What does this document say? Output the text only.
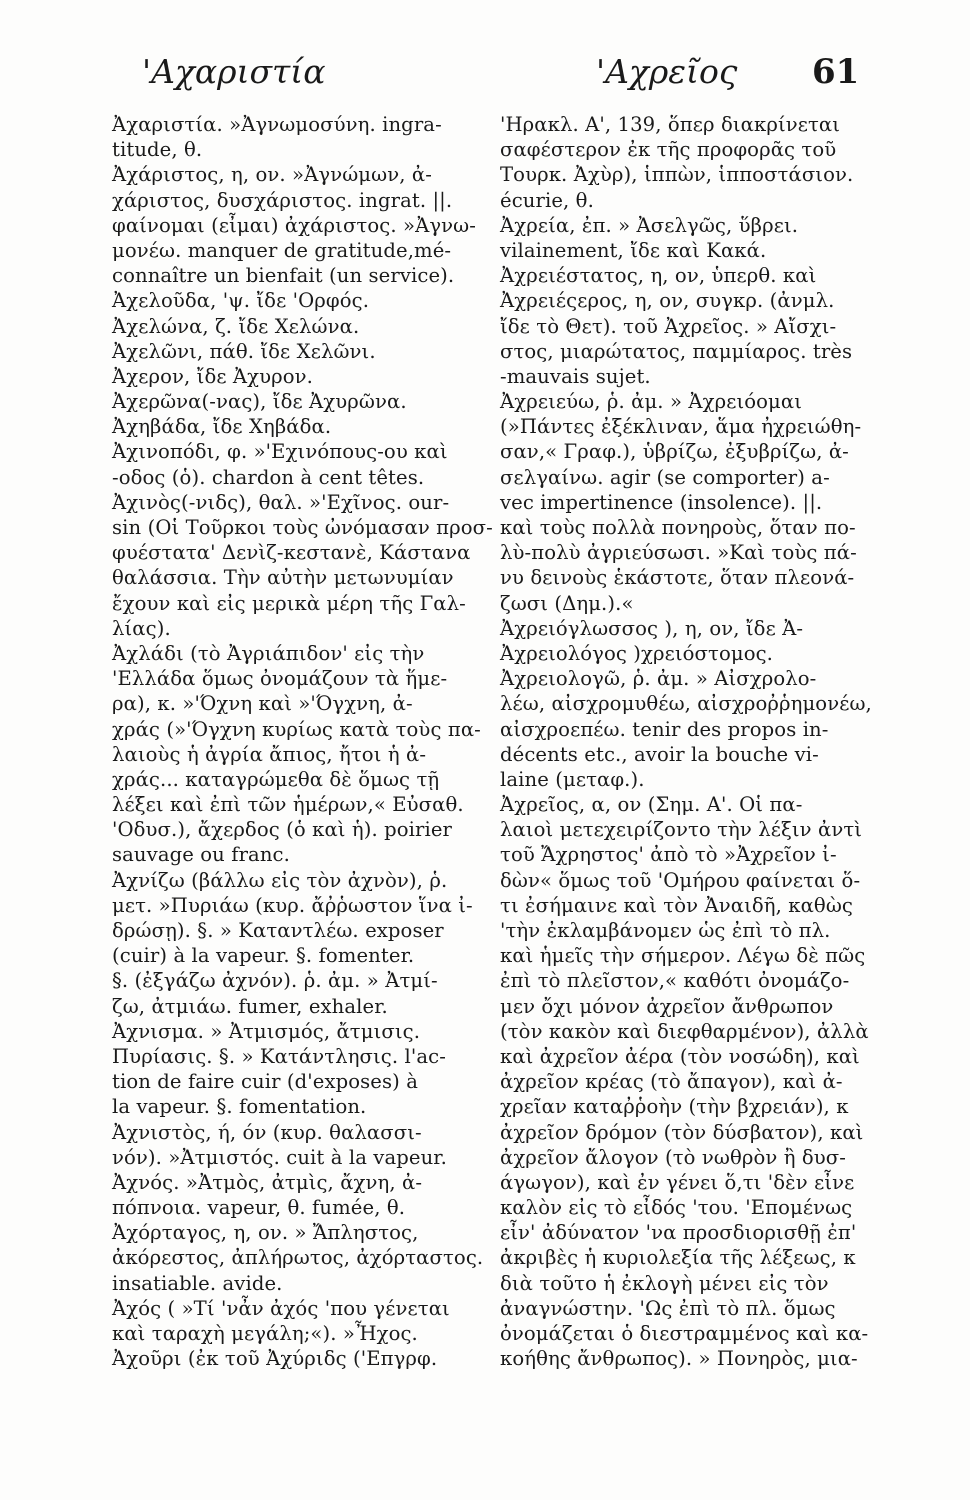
'Αχαριστία	'Αχρεῖος 61
Ἀχαριστία. »Ἀγνωμοσύνη. ingra-
titude, θ.
Ἀχάριστος, η, ον. »Ἀγνώμων, ἀ-
χάριστος, δυσχάριστος. ingrat. ||.
φαίνομαι (εἶμαι) ἀχάριστος. »Ἀγνω-
μονέω. manquer de gratitude,mé-
connaître un bienfait (un service).
Ἀχελοῦδα, 'ψ. ἴδε 'Ορφός.
Ἀχελώνα, ζ. ἴδε Χελώνα.
Ἀχελῶνι, πάθ. ἴδε Χελῶνι.
Ἀχερον, ἴδε Ἀχυρον.
Ἀχερῶνα(-νας), ἴδε Ἀχυρῶνα.
Ἀχηβάδα, ἴδε Χηβάδα.
Ἀχινοπόδι, φ. »'Εχινόπους-ου καὶ
-οδος (ὁ). chardon à cent têtes.
Ἀχινὸς(-νιδς), θαλ. »'Εχῖνος. our-
sin (Οἱ Τοῦρκοι τοὺς ὠνόμασαν προσ-
φυέστατα' Δενὶζ-κεστανὲ, Κάστανα
θαλάσσια. Τὴν αὐτὴν μετωνυμίαν
ἔχουν καὶ εἰς μερικὰ μέρη τῆς Γαλ-
λίας).
Ἀχλάδι (τὸ Ἀγριάπιδον' εἰς τὴν
'Ελλάδα ὅμως ὀνομάζουν τὰ ἥμε-
ρα), κ. »'Όχνη καὶ »'Όγχνη, ἀ-
χράς (»'Όγχνη κυρίως κατὰ τοὺς πα-
λαιοὺς ἡ ἀγρία ἄπιος, ἤτοι ἡ ἀ-
χράς... καταγρώμεθα δὲ ὅμως τῇ
λέξει καὶ ἐπὶ τῶν ἡμέρων,« Εὐσαθ.
'Οδυσ.), ἄχερδος (ὁ καὶ ἡ). poirier
sauvage ou franc.
Ἀχνίζω (βάλλω εἰς τὸν ἀχνὸν), ῥ.
μετ. »Πυριάω (κυρ. ἄῤῥωστον ἵνα ἰ-
δρώσῃ). §. » Καταντλέω. exposer
(cuir) à la vapeur. §. fomenter.
§. (ἐξγάζω ἀχνόν). ῥ. ἀμ. » Ἀτμί-
ζω, ἀτμιάω. fumer, exhaler.
Ἀχνισμα. » Ἀτμισμός, ἄτμισις.
Πυρίασις. §. » Κατάντλησις. l'ac-
tion de faire cuir (d'exposes) à
la vapeur. §. fomentation.
Ἀχνιστὸς, ή, όν (κυρ. θαλασσι-
νόν). »Ἀτμιστός. cuit à la vapeur.
Ἀχνός. »Ἀτμὸς, ἀτμὶς, ἄχνη, ἀ-
πόπνοια. vapeur, θ. fumée, θ.
Ἀχόρταγος, η, ον. » Ἄπληστος,
ἀκόρεστος, ἀπλήρωτος, ἀχόρταστος.
insatiable. avide.
Ἀχός ( »Τί 'νἆν ἀχός 'που γένεται
καὶ ταραχὴ μεγάλη;«). »Ἦχος.
Ἀχοῦρι (ἐκ τοῦ Ἀχύριδς ('Επγρφ.
'Ηρακλ. Α', 139, ὅπερ διακρίνεται
σαφέστερον ἐκ τῆς προφορᾶς τοῦ
Τουρκ. Ἀχὺρ), ἱππὼν, ἱπποστάσιον.
écurie, θ.
Ἀχρεία, ἐπ. » Ἀσελγῶς, ὕβρει.
vilainement, ἴδε καὶ Κακά.
Ἀχρειέστατος, η, ον, ὑπερθ. καὶ
Ἀχρειέςερος, η, ον, συγκρ. (ἀνμλ.
ἴδε τὸ Θετ). τοῦ Ἀχρεῖος. » Αἴσχι-
στος, μιαρώτατος, παμμίαρος. très
-mauvais sujet.
Ἀχρειεύω, ῥ. ἀμ. » Ἀχρειόομαι
(»Πάντες ἐξέκλιναν, ἅμα ἠχρειώθη-
σαν,« Γραφ.), ὑβρίζω, ἐξυβρίζω, ἀ-
σελγαίνω. agir (se comporter) a-
vec impertinence (insolence). ||.
καὶ τοὺς πολλὰ πονηροὺς, ὅταν πο-
λὺ-πολὺ ἀγριεύσωσι. »Καὶ τοὺς πά-
νυ δεινοὺς ἑκάστοτε, ὅταν πλεονά-
ζωσι (Δημ.).«
Ἀχρειόγλωσσος ), η, ον, ἴδε Ἀ-
Ἀχρειολόγος )χρειόστομος.
Ἀχρειολογῶ, ῥ. ἀμ. » Αἰσχρολο-
λέω, αἰσχρομυθέω, αἰσχροῤῥημονέω,
αἰσχροεπέω. tenir des propos in-
décents etc., avoir la bouche vi-
laine (μεταφ.).
Ἀχρεῖος, α, ον (Σημ. Α'. Οἱ πα-
λαιοὶ μετεχειρίζοντο τὴν λέξιν ἀντὶ
τοῦ Ἄχρηστος' ἀπὸ τὸ »Ἀχρεῖον ἰ-
δὼν« ὅμως τοῦ 'Ομήρου φαίνεται ὅ-
τι ἐσήμαινε καὶ τὸν Ἀναιδῆ, καθὼς
'τὴν ἐκλαμβάνομεν ὡς ἐπὶ τὸ πλ.
καὶ ἡμεῖς τὴν σήμερον. Λέγω δὲ πῶς
ἐπὶ τὸ πλεῖστον,« καθότι ὀνομάζο-
μεν ὄχι μόνον ἀχρεῖον ἄνθρωπον
(τὸν κακὸν καὶ διεφθαρμένον), ἀλλὰ
καὶ ἀχρεῖον ἀέρα (τὸν νοσώδη), καὶ
ἀχρεῖον κρέας (τὸ ἄπαγον), καὶ ἀ-
χρεῖαν καταῤῥοὴν (τὴν βχρειάν), κ
ἀχρεῖον δρόμον (τὸν δύσβατον), καὶ
ἀχρεῖον ἄλογον (τὸ νωθρὸν ἢ δυσ-
άγωγον), καὶ ἐν γένει ὅ,τι 'δὲν εἶνε
καλὸν εἰς τὸ εἶδός 'του. 'Επομένως
εἶν' ἀδύνατον 'να προσδιορισθῇ ἐπ'
ἀκριβὲς ἡ κυριολεξία τῆς λέξεως, κ
διὰ τοῦτο ἡ ἐκλογὴ μένει εἰς τὸν
ἀναγνώστην. 'Ως ἐπὶ τὸ πλ. ὅμως
ὀνομάζεται ὁ διεστραμμένος καὶ κα-
κοήθης ἄνθρωπος). » Πονηρὸς, μια-
